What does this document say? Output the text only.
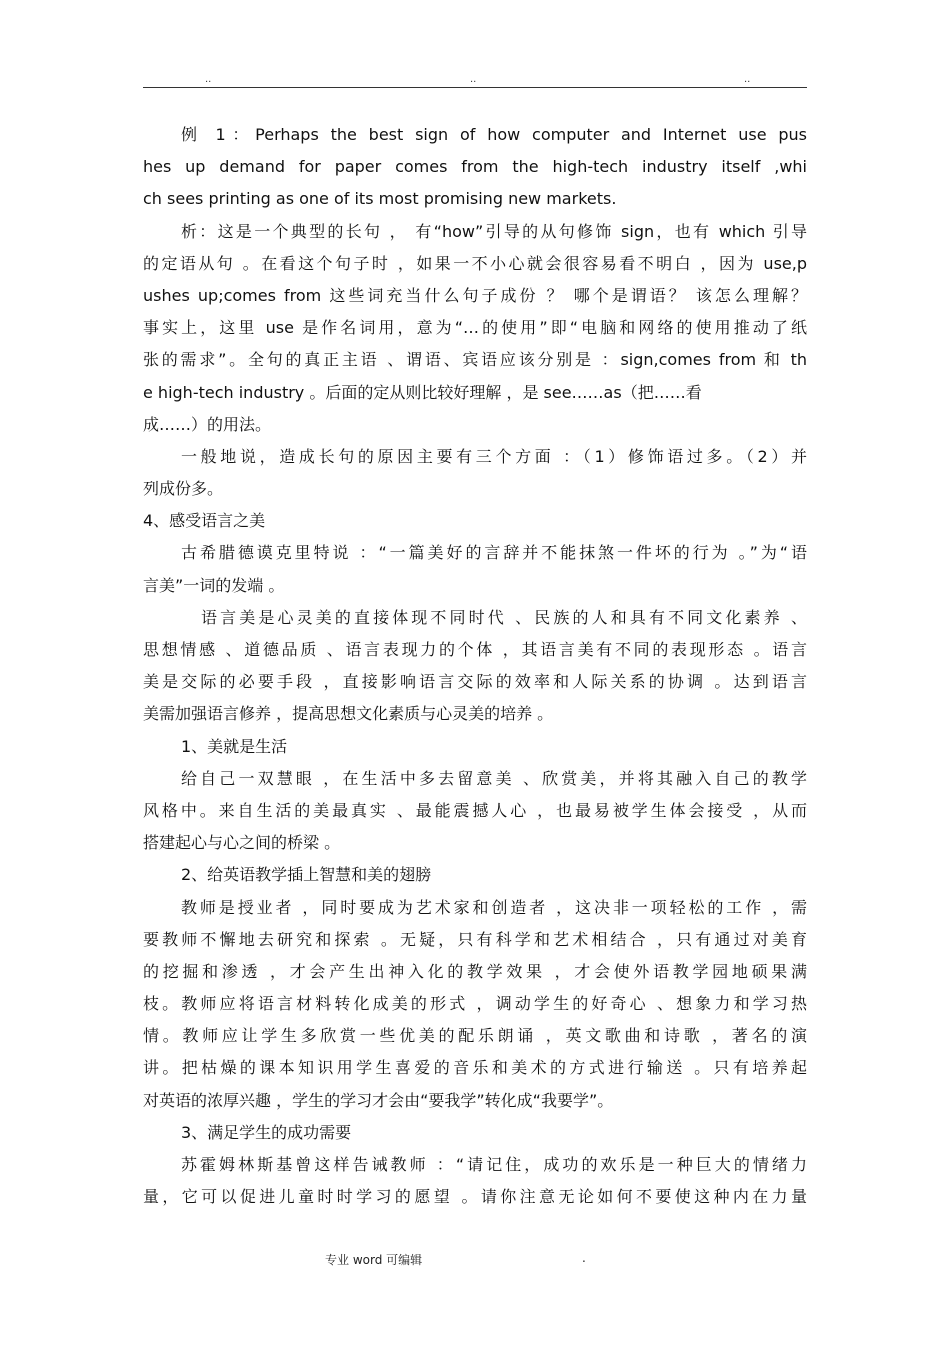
..	..	..
例 1：Perhaps the best sign of how computer and Internet use pus
hes up demand for paper comes from the high-tech industry itself ,whi
ch sees printing as one of its most promising new markets.
析：这是一个典型的长句 ， 有“how”引导的从句修饰 sign，也有 which 引导
的定语从句 。在看这个句子时 ，如果一不小心就会很容易看不明白 ，因为 use,p
ushes up;comes from 这些词充当什么句子成份 ？ 哪个是谓语？ 该怎么理解？
事实上，这里 use 是作名词用，意为“…的使用”即“电脑和网络的使用推动了纸
张的需求”。全句的真正主语 、谓语、宾语应该分别是 ：sign,comes from 和 th
e high-tech industry 。后面的定从则比较好理解 ，是 see……as（把……看
成……）的用法。
一般地说，造成长句的原因主要有三个方面 ：（1）修饰语过多。（2）并
列成份多。
4、感受语言之美
古希腊德谟克里特说 ：“一篇美好的言辞并不能抹煞一件坏的行为 。”为“语
言美”一词的发端 。
语言美是心灵美的直接体现不同时代 、民族的人和具有不同文化素养 、
思想情感 、道德品质 、语言表现力的个体 ，其语言美有不同的表现形态 。语言
美是交际的必要手段 ，直接影响语言交际的效率和人际关系的协调 。达到语言
美需加强语言修养 ，提高思想文化素质与心灵美的培养 。
1、美就是生活
给自己一双慧眼 ，在生活中多去留意美 、欣赏美，并将其融入自己的教学
风格中。来自生活的美最真实 、最能震撼人心 ，也最易被学生体会接受 ，从而
搭建起心与心之间的桥梁 。
2、给英语教学插上智慧和美的翅膀
教师是授业者 ，同时要成为艺术家和创造者 ，这决非一项轻松的工作 ，需
要教师不懈地去研究和探索 。无疑，只有科学和艺术相结合 ，只有通过对美育
的挖掘和渗透 ，才会产生出神入化的教学效果 ，才会使外语教学园地硕果满
枝。教师应将语言材料转化成美的形式 ，调动学生的好奇心 、想象力和学习热
情。教师应让学生多欣赏一些优美的配乐朗诵 ，英文歌曲和诗歌 ，著名的演
讲。把枯燥的课本知识用学生喜爱的音乐和美术的方式进行输送 。只有培养起
对英语的浓厚兴趣 ，学生的学习才会由“要我学”转化成“我要学”。
3、满足学生的成功需要
苏霍姆林斯基曾这样告诫教师 ：“请记住，成功的欢乐是一种巨大的情绪力
量，它可以促进儿童时时学习的愿望 。请你注意无论如何不要使这种内在力量
专业 word 可编辑	.
